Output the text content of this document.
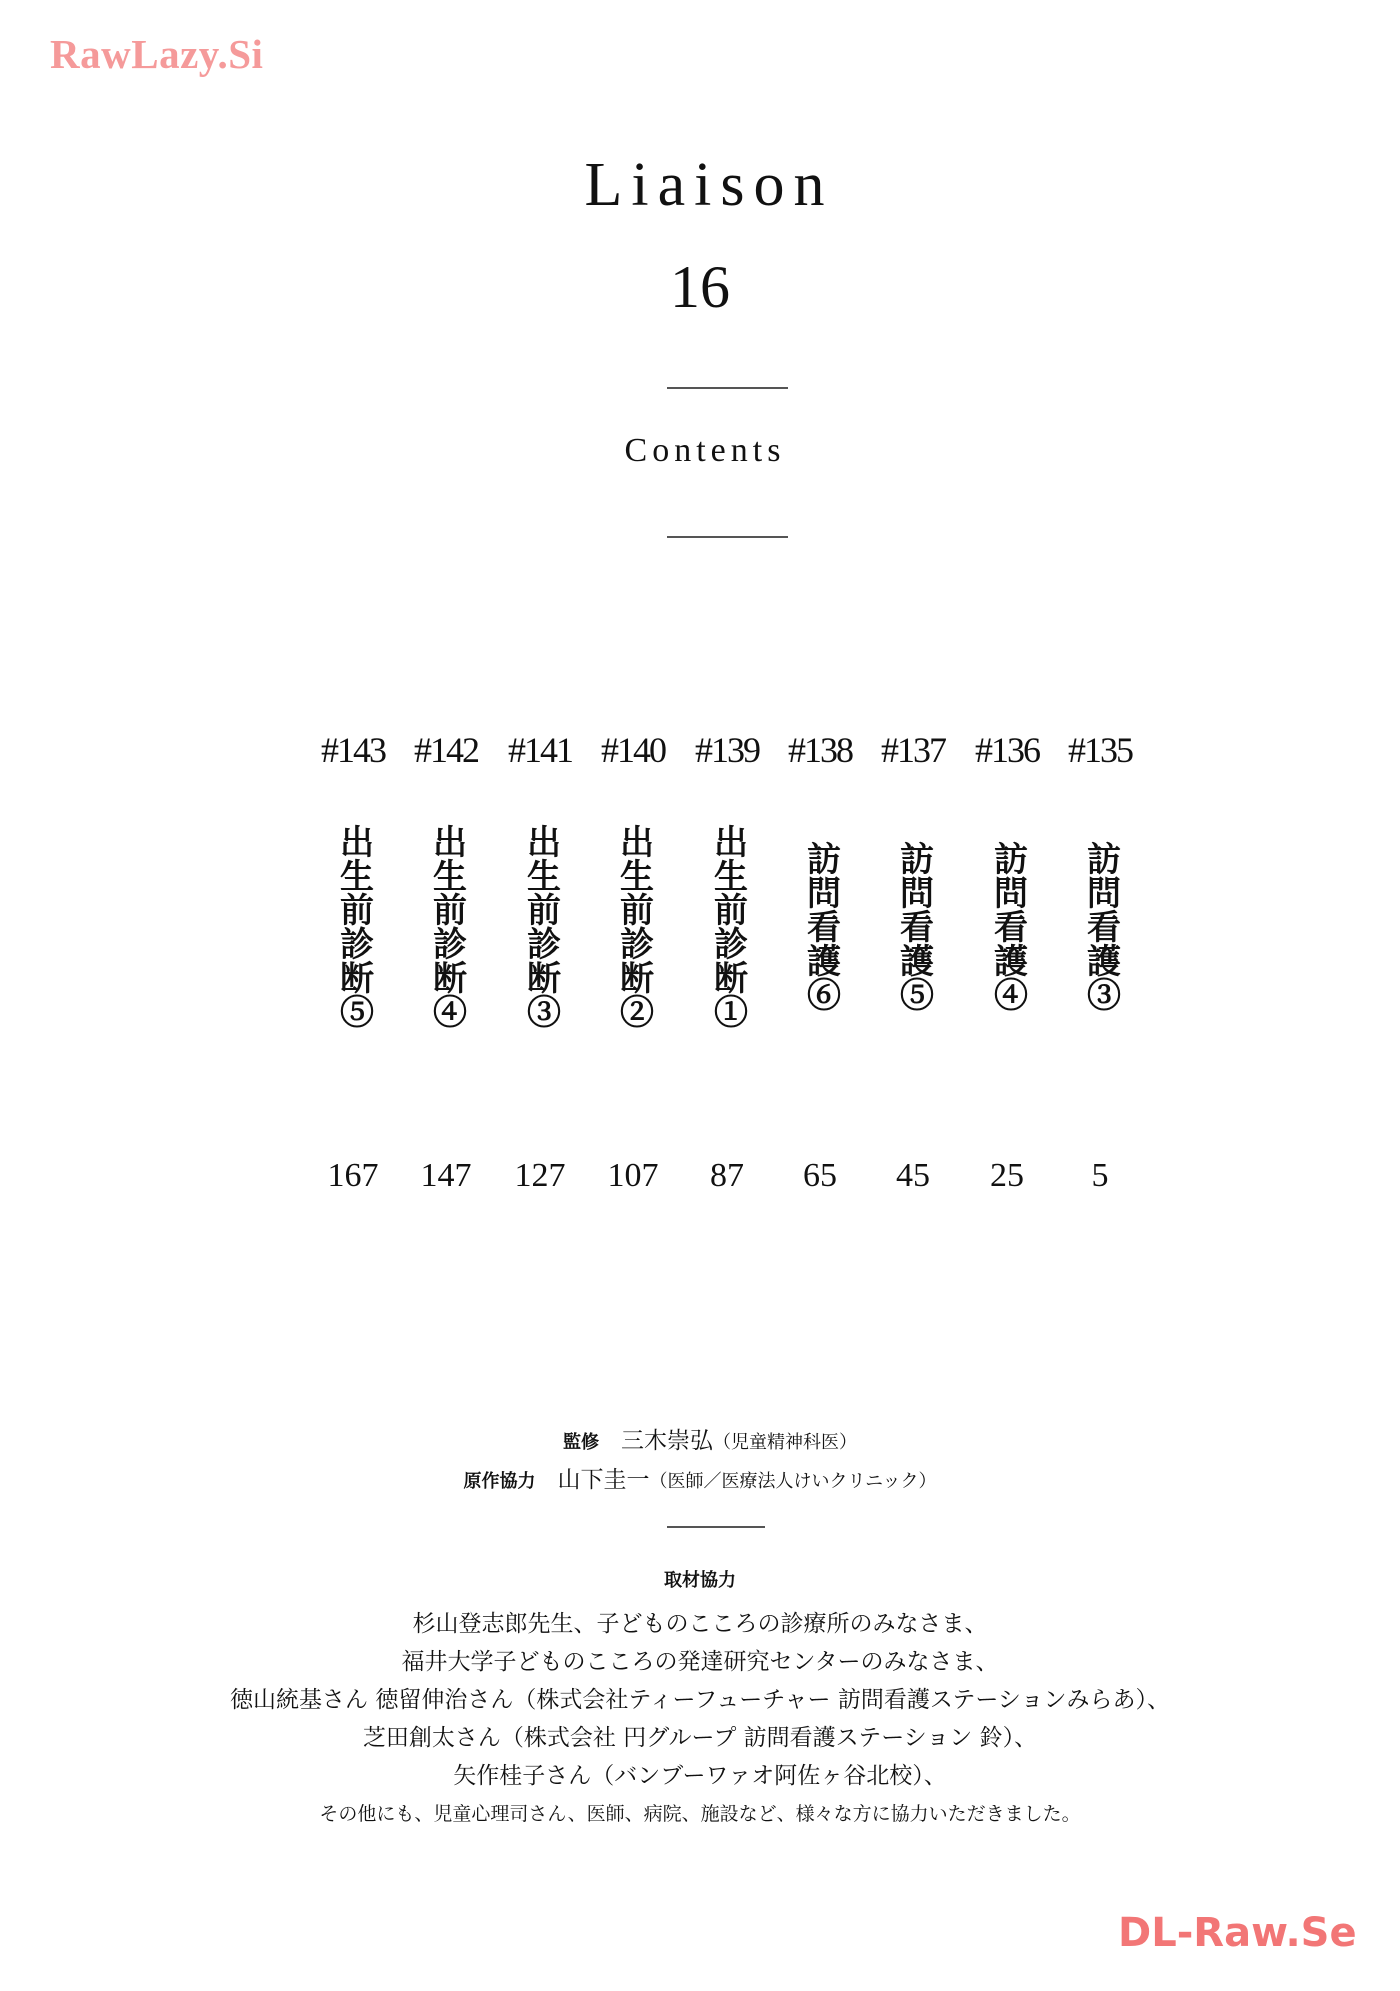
RawLazy.Si
Liaison
16
Contents
#143
出生前診断⑤
167
#142
出生前診断④
147
#141
出生前診断③
127
#140
出生前診断②
107
#139
出生前診断①
87
#138
訪問看護⑥
65
#137
訪問看護⑤
45
#136
訪問看護④
25
#135
訪問看護③
5
監修 三木崇弘（児童精神科医）
原作協力 山下圭一（医師／医療法人けいクリニック）
取材協力
杉山登志郎先生、子どものこころの診療所のみなさま、
福井大学子どものこころの発達研究センターのみなさま、
徳山統基さん 徳留伸治さん（株式会社ティーフューチャー 訪問看護ステーションみらあ）、
芝田創太さん（株式会社 円グループ 訪問看護ステーション 鈴）、
矢作桂子さん（バンブーワァオ阿佐ヶ谷北校）、
その他にも、児童心理司さん、医師、病院、施設など、様々な方に協力いただきました。
DL-Raw.Se
